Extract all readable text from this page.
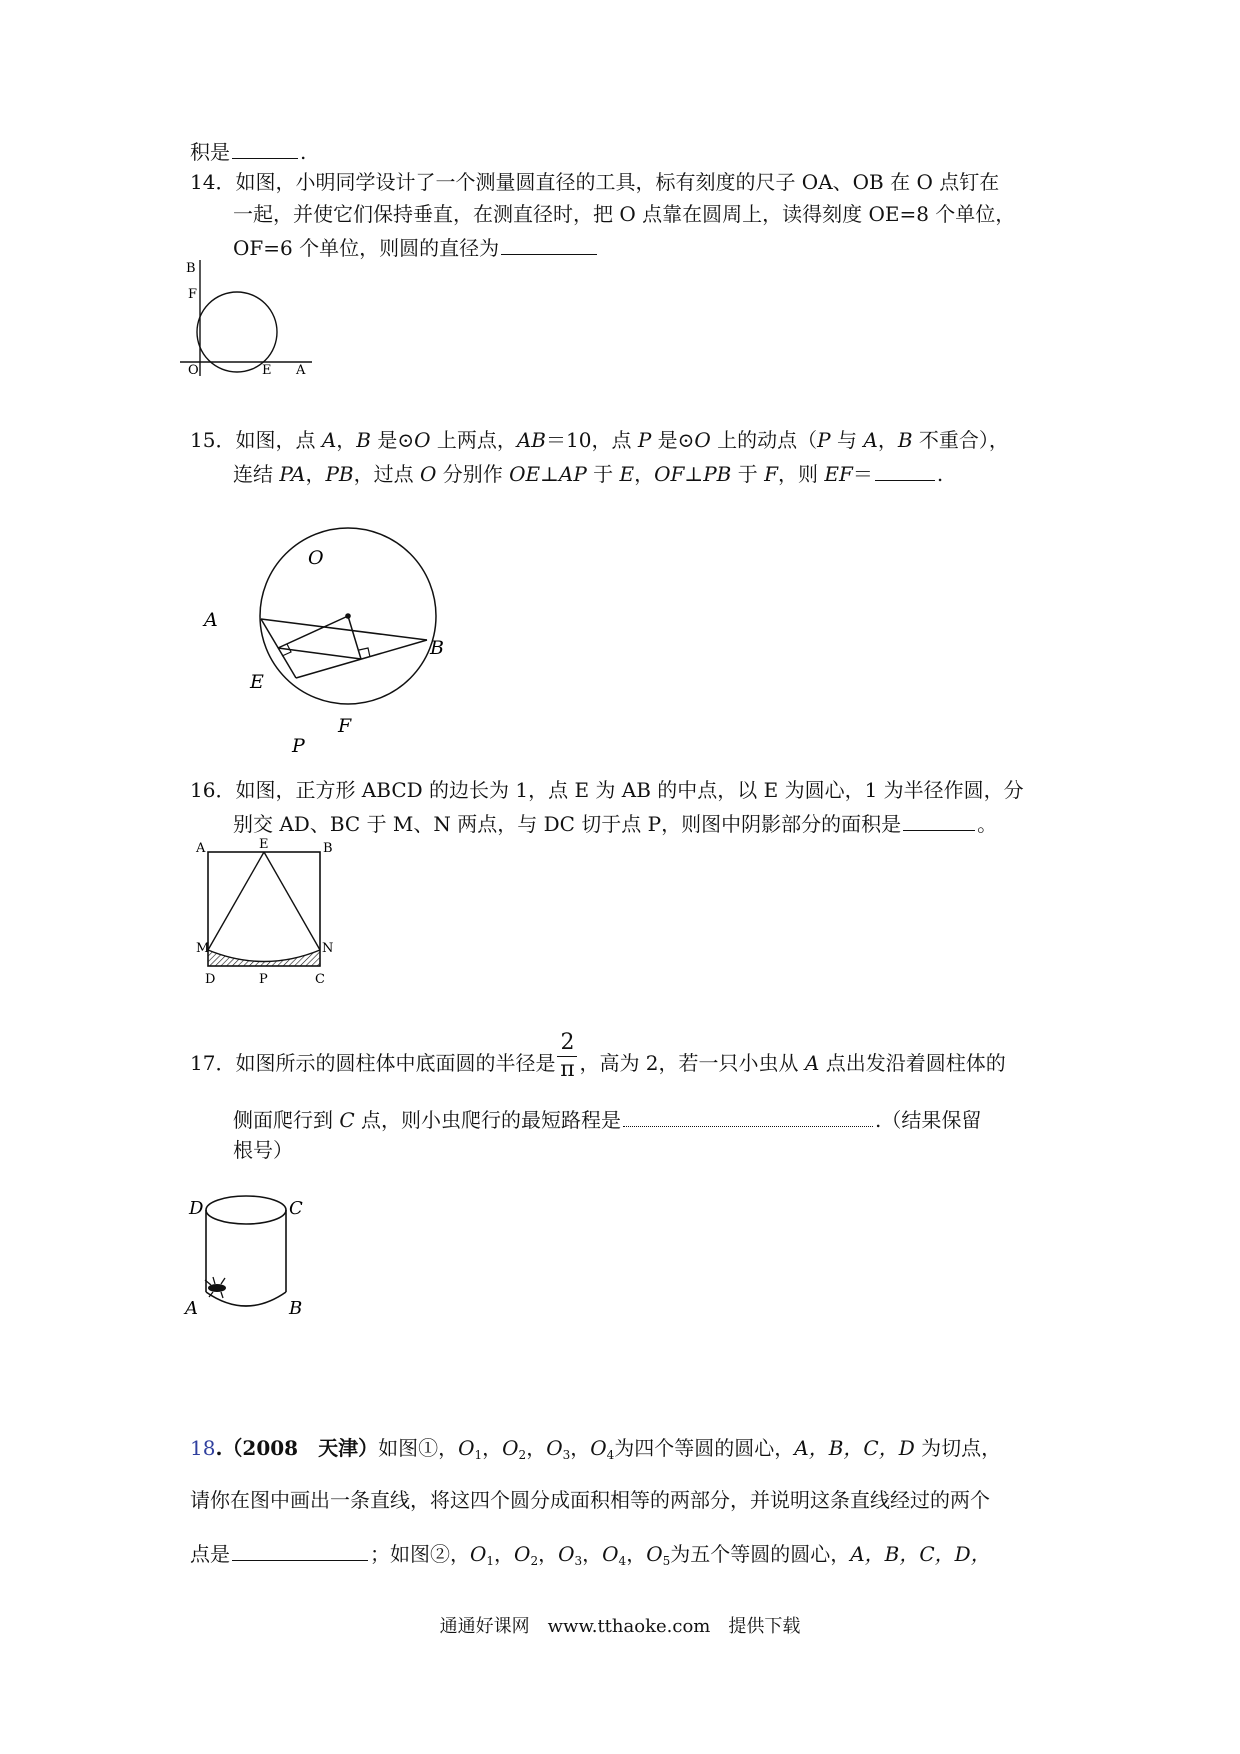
积是	.
14．如图，小明同学设计了一个测量圆直径的工具，标有刻度的尺子 OA、OB 在 O 点钉在
一起，并使它们保持垂直，在测直径时，把 O 点靠在圆周上，读得刻度 OE=8 个单位，
OF=6 个单位，则圆的直径为
B
F
O	E A
15．如图，点 A，B 是⊙O 上两点，AB＝10，点 P 是⊙O 上的动点（P 与 A，B 不重合），
连结 PA，PB，过点 O 分别作 OE⊥AP 于 E，OF⊥PB 于 F，则 EF＝	.
A
O
E
B
F
P
16．如图，正方形 ABCD 的边长为 1，点 E 为 AB 的中点，以 E 为圆心，1 为半径作圆，分
别交 AD、BC 于 M、N 两点，与 DC 切于点 P，则图中阴影部分的面积是	。
A	E	B
M	N
D	P	C
17．如图所示的圆柱体中底面圆的半径是 $\frac{2}{\pi}$ ，高为 2，若一只小虫从 A 点出发沿着圆柱体的
侧面爬行到 C 点，则小虫爬行的最短路程是	.（结果保留
根号）
D	C
A	B
18.（2008　天津）如图①，$O_1$，$O_2$，$O_3$，$O_4$为四个等圆的圆心，A，B，C，D 为切点，
请你在图中画出一条直线，将这四个圆分成面积相等的两部分，并说明这条直线经过的两个
点是	；如图②，$O_1$，$O_2$，$O_3$，$O_4$，$O_5$为五个等圆的圆心，A，B，C，D，
通通好课网　www.tthaoke.com　提供下载
